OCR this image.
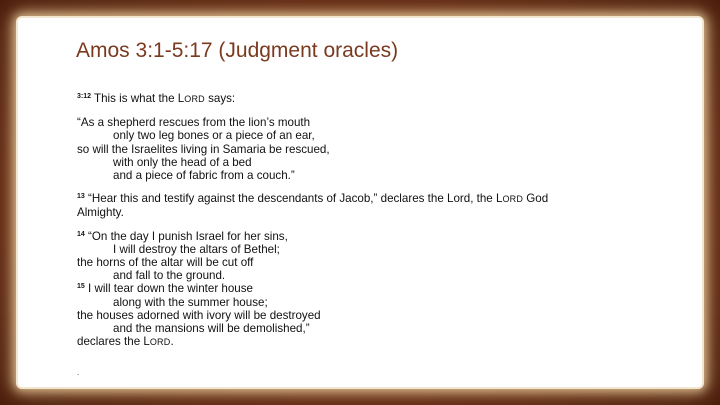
Amos 3:1-5:17 (Judgment oracles)

$^{3:12}$ This is what the LORD says:

“As a shepherd rescues from the lion’s mouth
only two leg bones or a piece of an ear,
so will the Israelites living in Samaria be rescued,
with only the head of a bed
and a piece of fabric from a couch.”

$^{13}$ “Hear this and testify against the descendants of Jacob,” declares the Lord, the LORD God
Almighty.

$^{14}$ “On the day I punish Israel for her sins,
I will destroy the altars of Bethel;
the horns of the altar will be cut off
and fall to the ground.
$^{15}$ I will tear down the winter house
along with the summer house;
the houses adorned with ivory will be destroyed
and the mansions will be demolished,”
declares the LORD.

.
